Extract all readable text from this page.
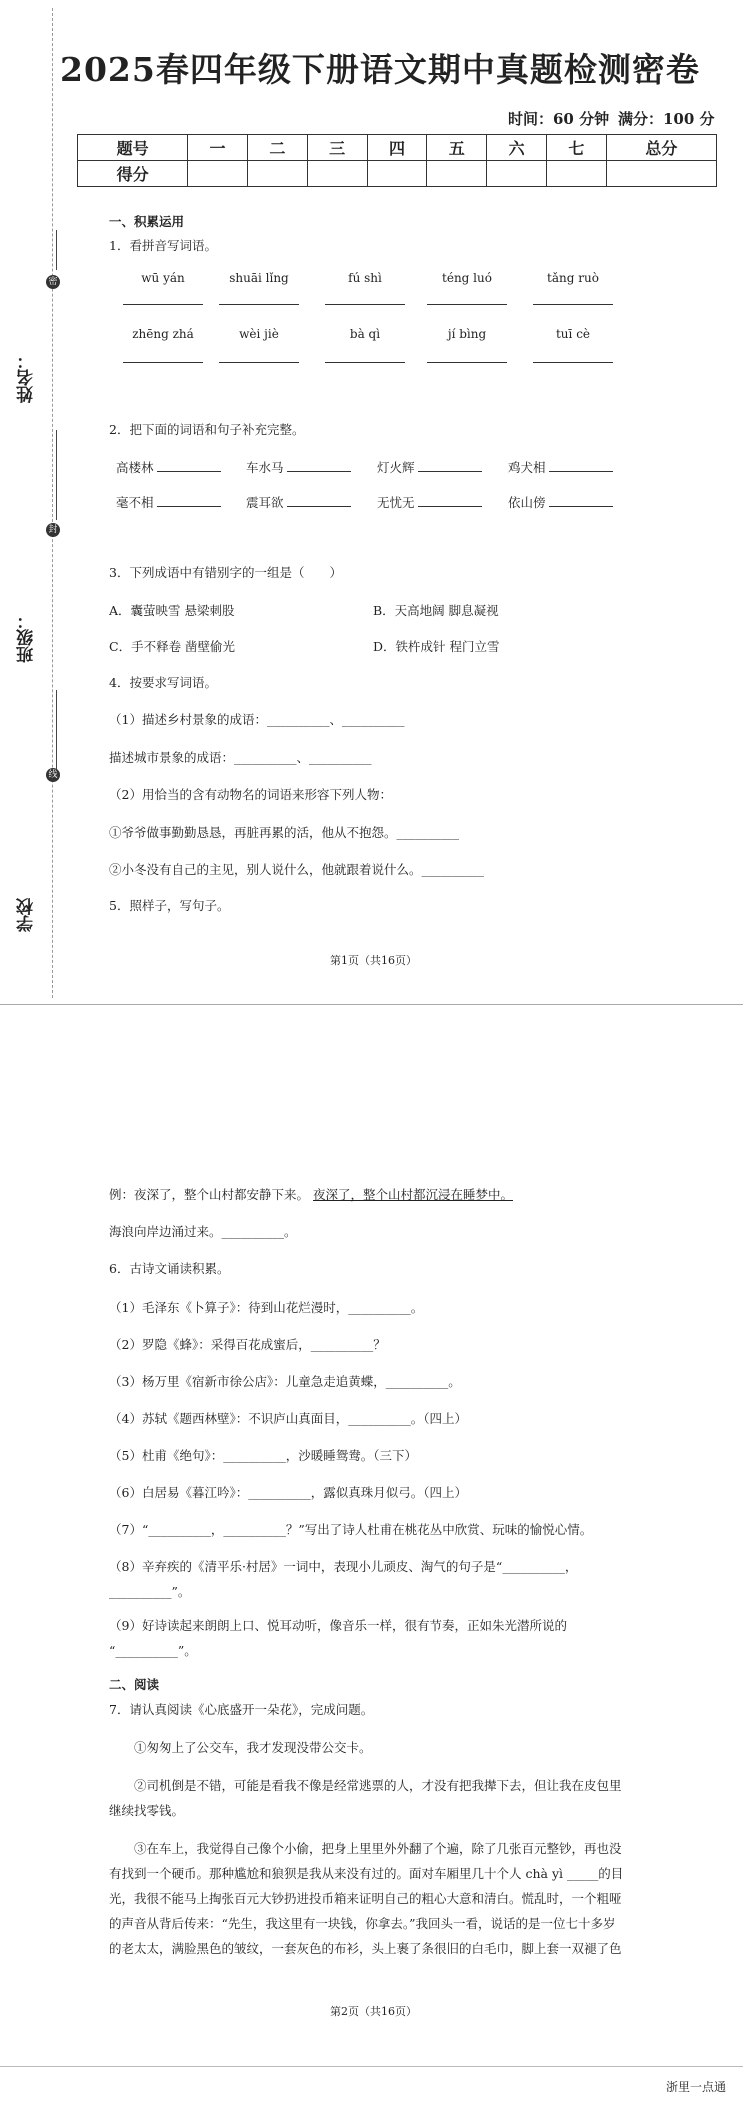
2025春四年级下册语文期中真题检测密卷
时间：60 分钟 满分：100 分
题号	一	二	三	四	五	六	七	总分
得分								
姓名：
密
封
班级：
线
学校
一、积累运用
1．看拼音写词语。
wū yán	shuāi lǐng	fú shì	téng luó	tǎng ruò
zhēng zhá	wèi jiè	bà qì	jí bìng	tuī cè
2．把下面的词语和句子补充完整。
高楼林	车水马	灯火辉	鸡犬相
毫不相	震耳欲	无忧无	依山傍
3．下列成语中有错别字的一组是（　　）
A．囊萤映雪 悬梁刺股	B．天高地阔 脚息凝视
C．手不释卷 凿壁偷光	D．铁杵成针 程门立雪
4．按要求写词语。
（1）描述乡村景象的成语：__________、__________
描述城市景象的成语：__________、__________
（2）用恰当的含有动物名的词语来形容下列人物：
①爷爷做事勤勤恳恳，再脏再累的活，他从不抱怨。__________
②小冬没有自己的主见，别人说什么，他就跟着说什么。__________
5．照样子，写句子。
第1页（共16页）
例：夜深了，整个山村都安静下来。 夜深了，整个山村都沉浸在睡梦中。
海浪向岸边涌过来。__________。
6．古诗文诵读积累。
（1）毛泽东《卜算子》：待到山花烂漫时，__________。
（2）罗隐《蜂》：采得百花成蜜后，__________？
（3）杨万里《宿新市徐公店》：儿童急走追黄蝶，__________。
（4）苏轼《题西林壁》：不识庐山真面目，__________。（四上）
（5）杜甫《绝句》：__________，沙暖睡鸳鸯。（三下）
（6）白居易《暮江吟》：__________，露似真珠月似弓。（四上）
（7）“__________，__________？”写出了诗人杜甫在桃花丛中欣赏、玩味的愉悦心情。
（8）辛弃疾的《清平乐·村居》一词中，表现小儿顽皮、淘气的句子是“__________，
__________”。
（9）好诗读起来朗朗上口、悦耳动听，像音乐一样，很有节奏，正如朱光潜所说的
“__________”。
二、阅读
7．请认真阅读《心底盛开一朵花》，完成问题。
①匆匆上了公交车，我才发现没带公交卡。
②司机倒是不错，可能是看我不像是经常逃票的人，才没有把我撵下去，但让我在皮包里
继续找零钱。
③在车上，我觉得自己像个小偷，把身上里里外外翻了个遍，除了几张百元整钞，再也没
有找到一个硬币。那种尴尬和狼狈是我从来没有过的。面对车厢里几十个人 chà yì _____的目
光，我很不能马上掏张百元大钞扔进投币箱来证明自己的粗心大意和清白。慌乱时，一个粗哑
的声音从背后传来：“先生，我这里有一块钱，你拿去。”我回头一看，说话的是一位七十多岁
的老太太，满脸黑色的皱纹，一套灰色的布衫，头上裹了条很旧的白毛巾，脚上套一双褪了色
第2页（共16页）
浙里一点通
